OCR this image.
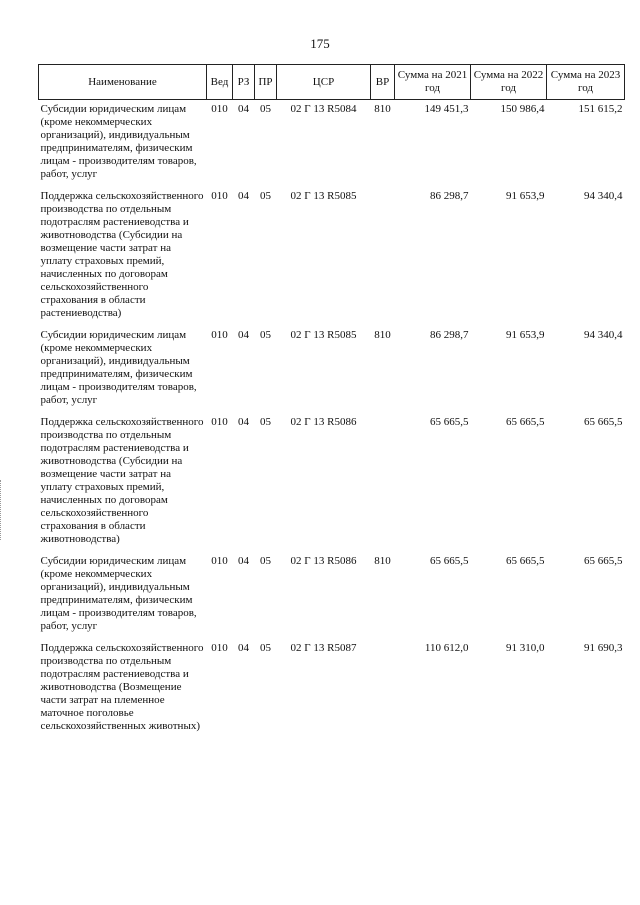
175
Наименование	Вед	РЗ	ПР	ЦСР	ВР	Сумма на 2021 год	Сумма на 2022 год	Сумма на 2023 год
Субсидии юридическим лицам (кроме некоммерческих организаций), индивидуальным предпринимателям, физическим лицам - производителям товаров, работ, услуг	010	04	05	02 Г 13 R5084	810	149 451,3	150 986,4	151 615,2
Поддержка сельскохозяйственного производства по отдельным подотраслям растениеводства и животноводства (Субсидии на возмещение части затрат на уплату страховых премий, начисленных по договорам сельскохозяйственного страхования в области растениеводства)	010	04	05	02 Г 13 R5085		86 298,7	91 653,9	94 340,4
Субсидии юридическим лицам (кроме некоммерческих организаций), индивидуальным предпринимателям, физическим лицам - производителям товаров, работ, услуг	010	04	05	02 Г 13 R5085	810	86 298,7	91 653,9	94 340,4
Поддержка сельскохозяйственного производства по отдельным подотраслям растениеводства и животноводства (Субсидии на возмещение части затрат на уплату страховых премий, начисленных по договорам сельскохозяйственного страхования в области животноводства)	010	04	05	02 Г 13 R5086		65 665,5	65 665,5	65 665,5
Субсидии юридическим лицам (кроме некоммерческих организаций), индивидуальным предпринимателям, физическим лицам - производителям товаров, работ, услуг	010	04	05	02 Г 13 R5086	810	65 665,5	65 665,5	65 665,5
Поддержка сельскохозяйственного производства по отдельным подотраслям растениеводства и животноводства (Возмещение части затрат на племенное маточное поголовье сельскохозяйственных животных)	010	04	05	02 Г 13 R5087		110 612,0	91 310,0	91 690,3
